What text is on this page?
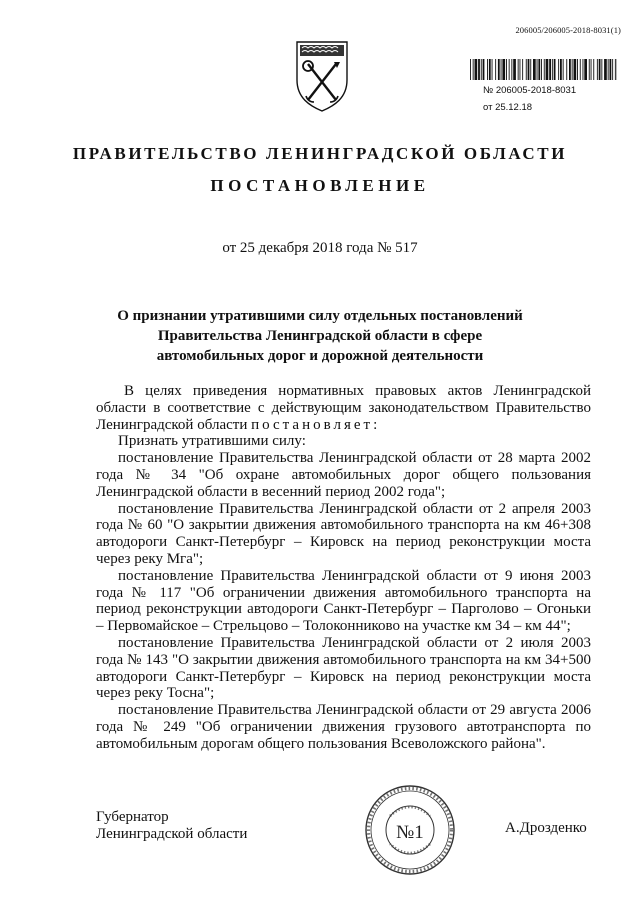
206005/206005-2018-8031(1)
№ 206005-2018-8031
от 25.12.18
ПРАВИТЕЛЬСТВО ЛЕНИНГРАДСКОЙ ОБЛАСТИ
ПОСТАНОВЛЕНИЕ
от 25 декабря 2018 года № 517
О признании утратившими силу отдельных постановлений
Правительства Ленинградской области в сфере
автомобильных дорог и дорожной деятельности

В целях приведения нормативных правовых актов Ленинградской области в соответствие с действующим законодательством Правительство Ленинградской области постановляет:

Признать утратившими силу:

постановление Правительства Ленинградской области от 28 марта 2002 года № 34 "Об охране автомобильных дорог общего пользования Ленинградской области в весенний период 2002 года";

постановление Правительства Ленинградской области от 2 апреля 2003 года № 60 "О закрытии движения автомобильного транспорта на км 46+308 автодороги Санкт-Петербург – Кировск на период реконструкции моста через реку Мга";

постановление Правительства Ленинградской области от 9 июня 2003 года № 117 "Об ограничении движения автомобильного транспорта на период реконструкции автодороги Санкт-Петербург – Парголово – Огоньки – Первомайское – Стрельцово – Толоконниково на участке км 34 – км 44";

постановление Правительства Ленинградской области от 2 июля 2003 года № 143 "О закрытии движения автомобильного транспорта на км 34+500 автодороги Санкт-Петербург – Кировск на период реконструкции моста через реку Тосна";

постановление Правительства Ленинградской области от 29 августа 2006 года № 249 "Об ограничении движения грузового автотранспорта по автомобильным дорогам общего пользования Всеволожского района".

Губернатор
Ленинградской области	№1	А.Дрозденко
